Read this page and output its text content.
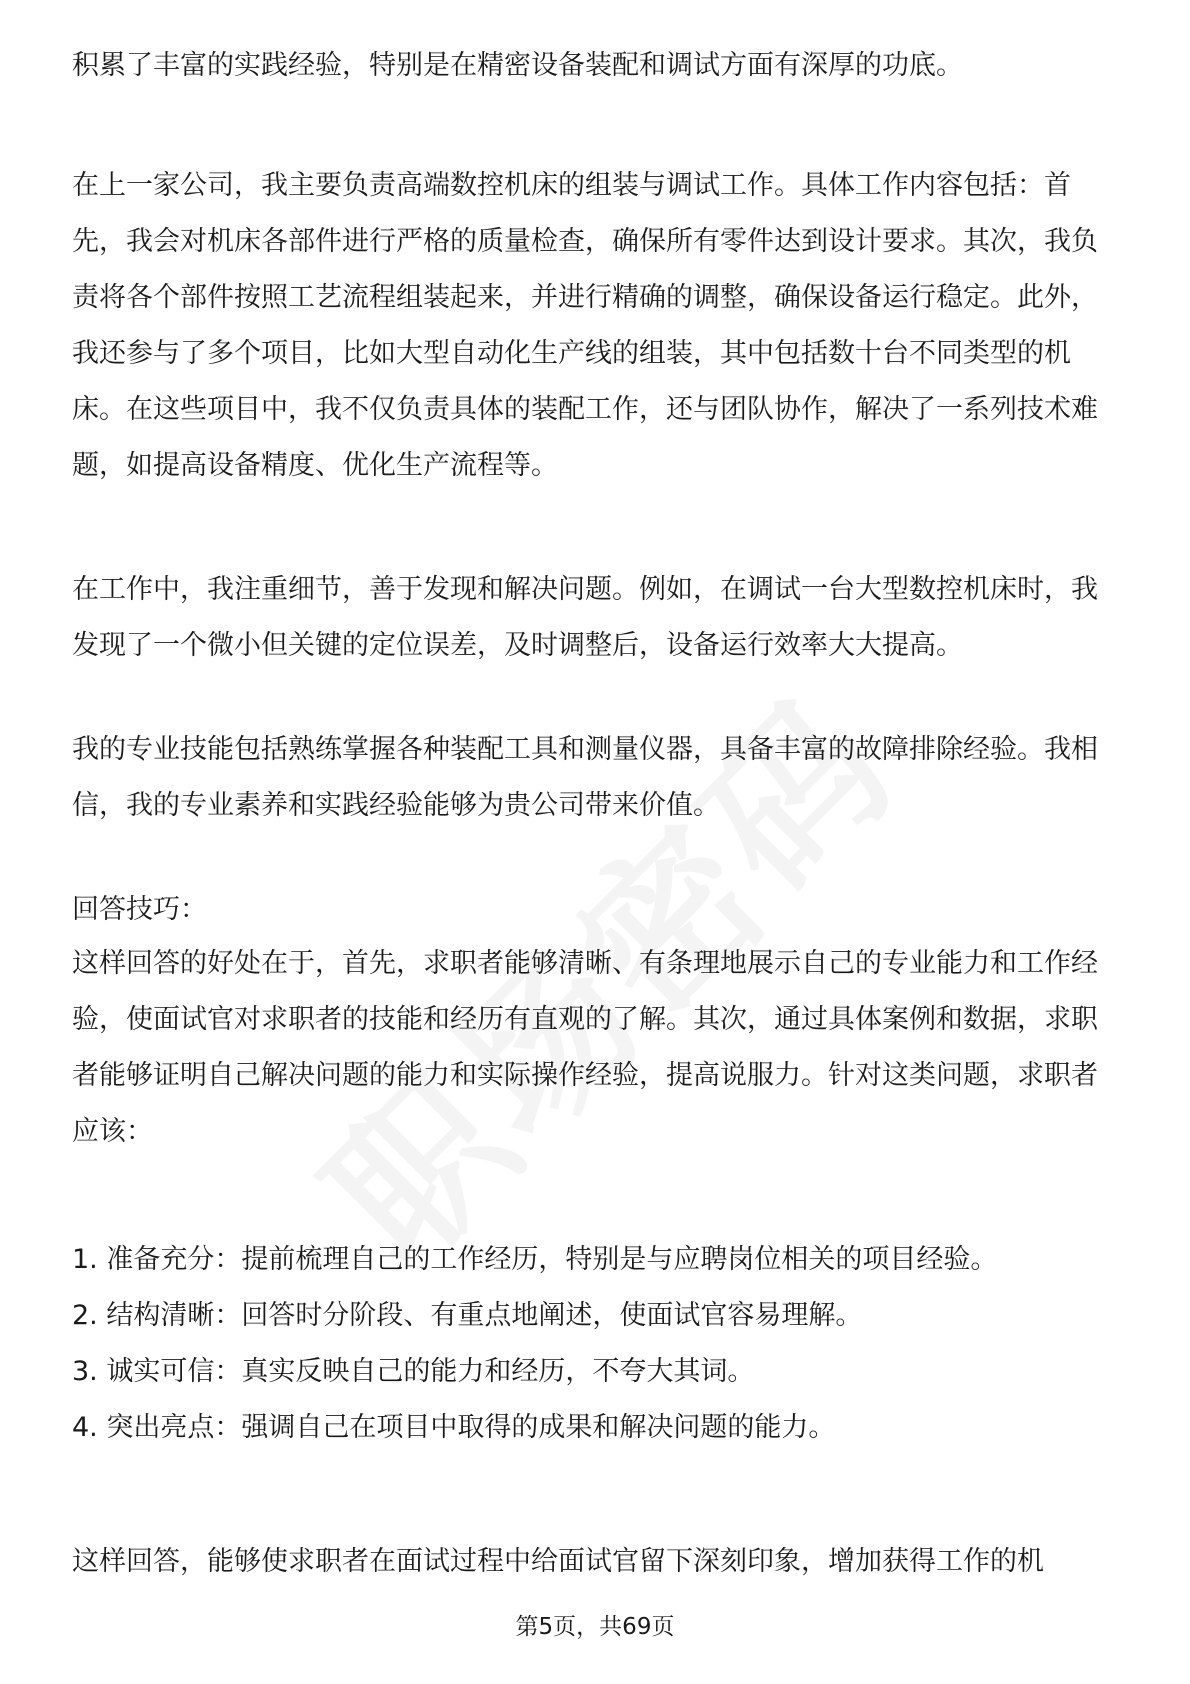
积累了丰富的实践经验，特别是在精密设备装配和调试方面有深厚的功底。

在上一家公司，我主要负责高端数控机床的组装与调试工作。具体工作内容包括：首先，我会对机床各部件进行严格的质量检查，确保所有零件达到设计要求。其次，我负责将各个部件按照工艺流程组装起来，并进行精确的调整，确保设备运行稳定。此外，我还参与了多个项目，比如大型自动化生产线的组装，其中包括数十台不同类型的机床。在这些项目中，我不仅负责具体的装配工作，还与团队协作，解决了一系列技术难题，如提高设备精度、优化生产流程等。

在工作中，我注重细节，善于发现和解决问题。例如，在调试一台大型数控机床时，我发现了一个微小但关键的定位误差，及时调整后，设备运行效率大大提高。

我的专业技能包括熟练掌握各种装配工具和测量仪器，具备丰富的故障排除经验。我相信，我的专业素养和实践经验能够为贵公司带来价值。

回答技巧：

这样回答的好处在于，首先，求职者能够清晰、有条理地展示自己的专业能力和工作经验，使面试官对求职者的技能和经历有直观的了解。其次，通过具体案例和数据，求职者能够证明自己解决问题的能力和实际操作经验，提高说服力。针对这类问题，求职者应该：

1. 准备充分：提前梳理自己的工作经历，特别是与应聘岗位相关的项目经验。
2. 结构清晰：回答时分阶段、有重点地阐述，使面试官容易理解。
3. 诚实可信：真实反映自己的能力和经历，不夸大其词。
4. 突出亮点：强调自己在项目中取得的成果和解决问题的能力。

这样回答，能够使求职者在面试过程中给面试官留下深刻印象，增加获得工作的机

第5页，共69页
